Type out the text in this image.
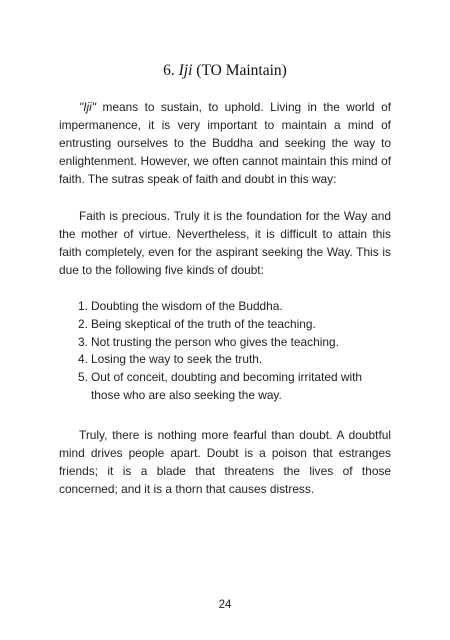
6. Iji (TO Maintain)

"Iji" means to sustain, to uphold. Living in the world of impermanence, it is very important to maintain a mind of entrusting ourselves to the Buddha and seeking the way to enlightenment. However, we often cannot maintain this mind of faith. The sutras speak of faith and doubt in this way:

Faith is precious. Truly it is the foundation for the Way and the mother of virtue. Nevertheless, it is difficult to attain this faith completely, even for the aspirant seeking the Way. This is due to the following five kinds of doubt:

1. Doubting the wisdom of the Buddha.
2. Being skeptical of the truth of the teaching.
3. Not trusting the person who gives the teaching.
4. Losing the way to seek the truth.
5. Out of conceit, doubting and becoming irritated with those who are also seeking the way.

Truly, there is nothing more fearful than doubt. A doubtful mind drives people apart. Doubt is a poison that estranges friends; it is a blade that threatens the lives of those concerned; and it is a thorn that causes distress.

24
